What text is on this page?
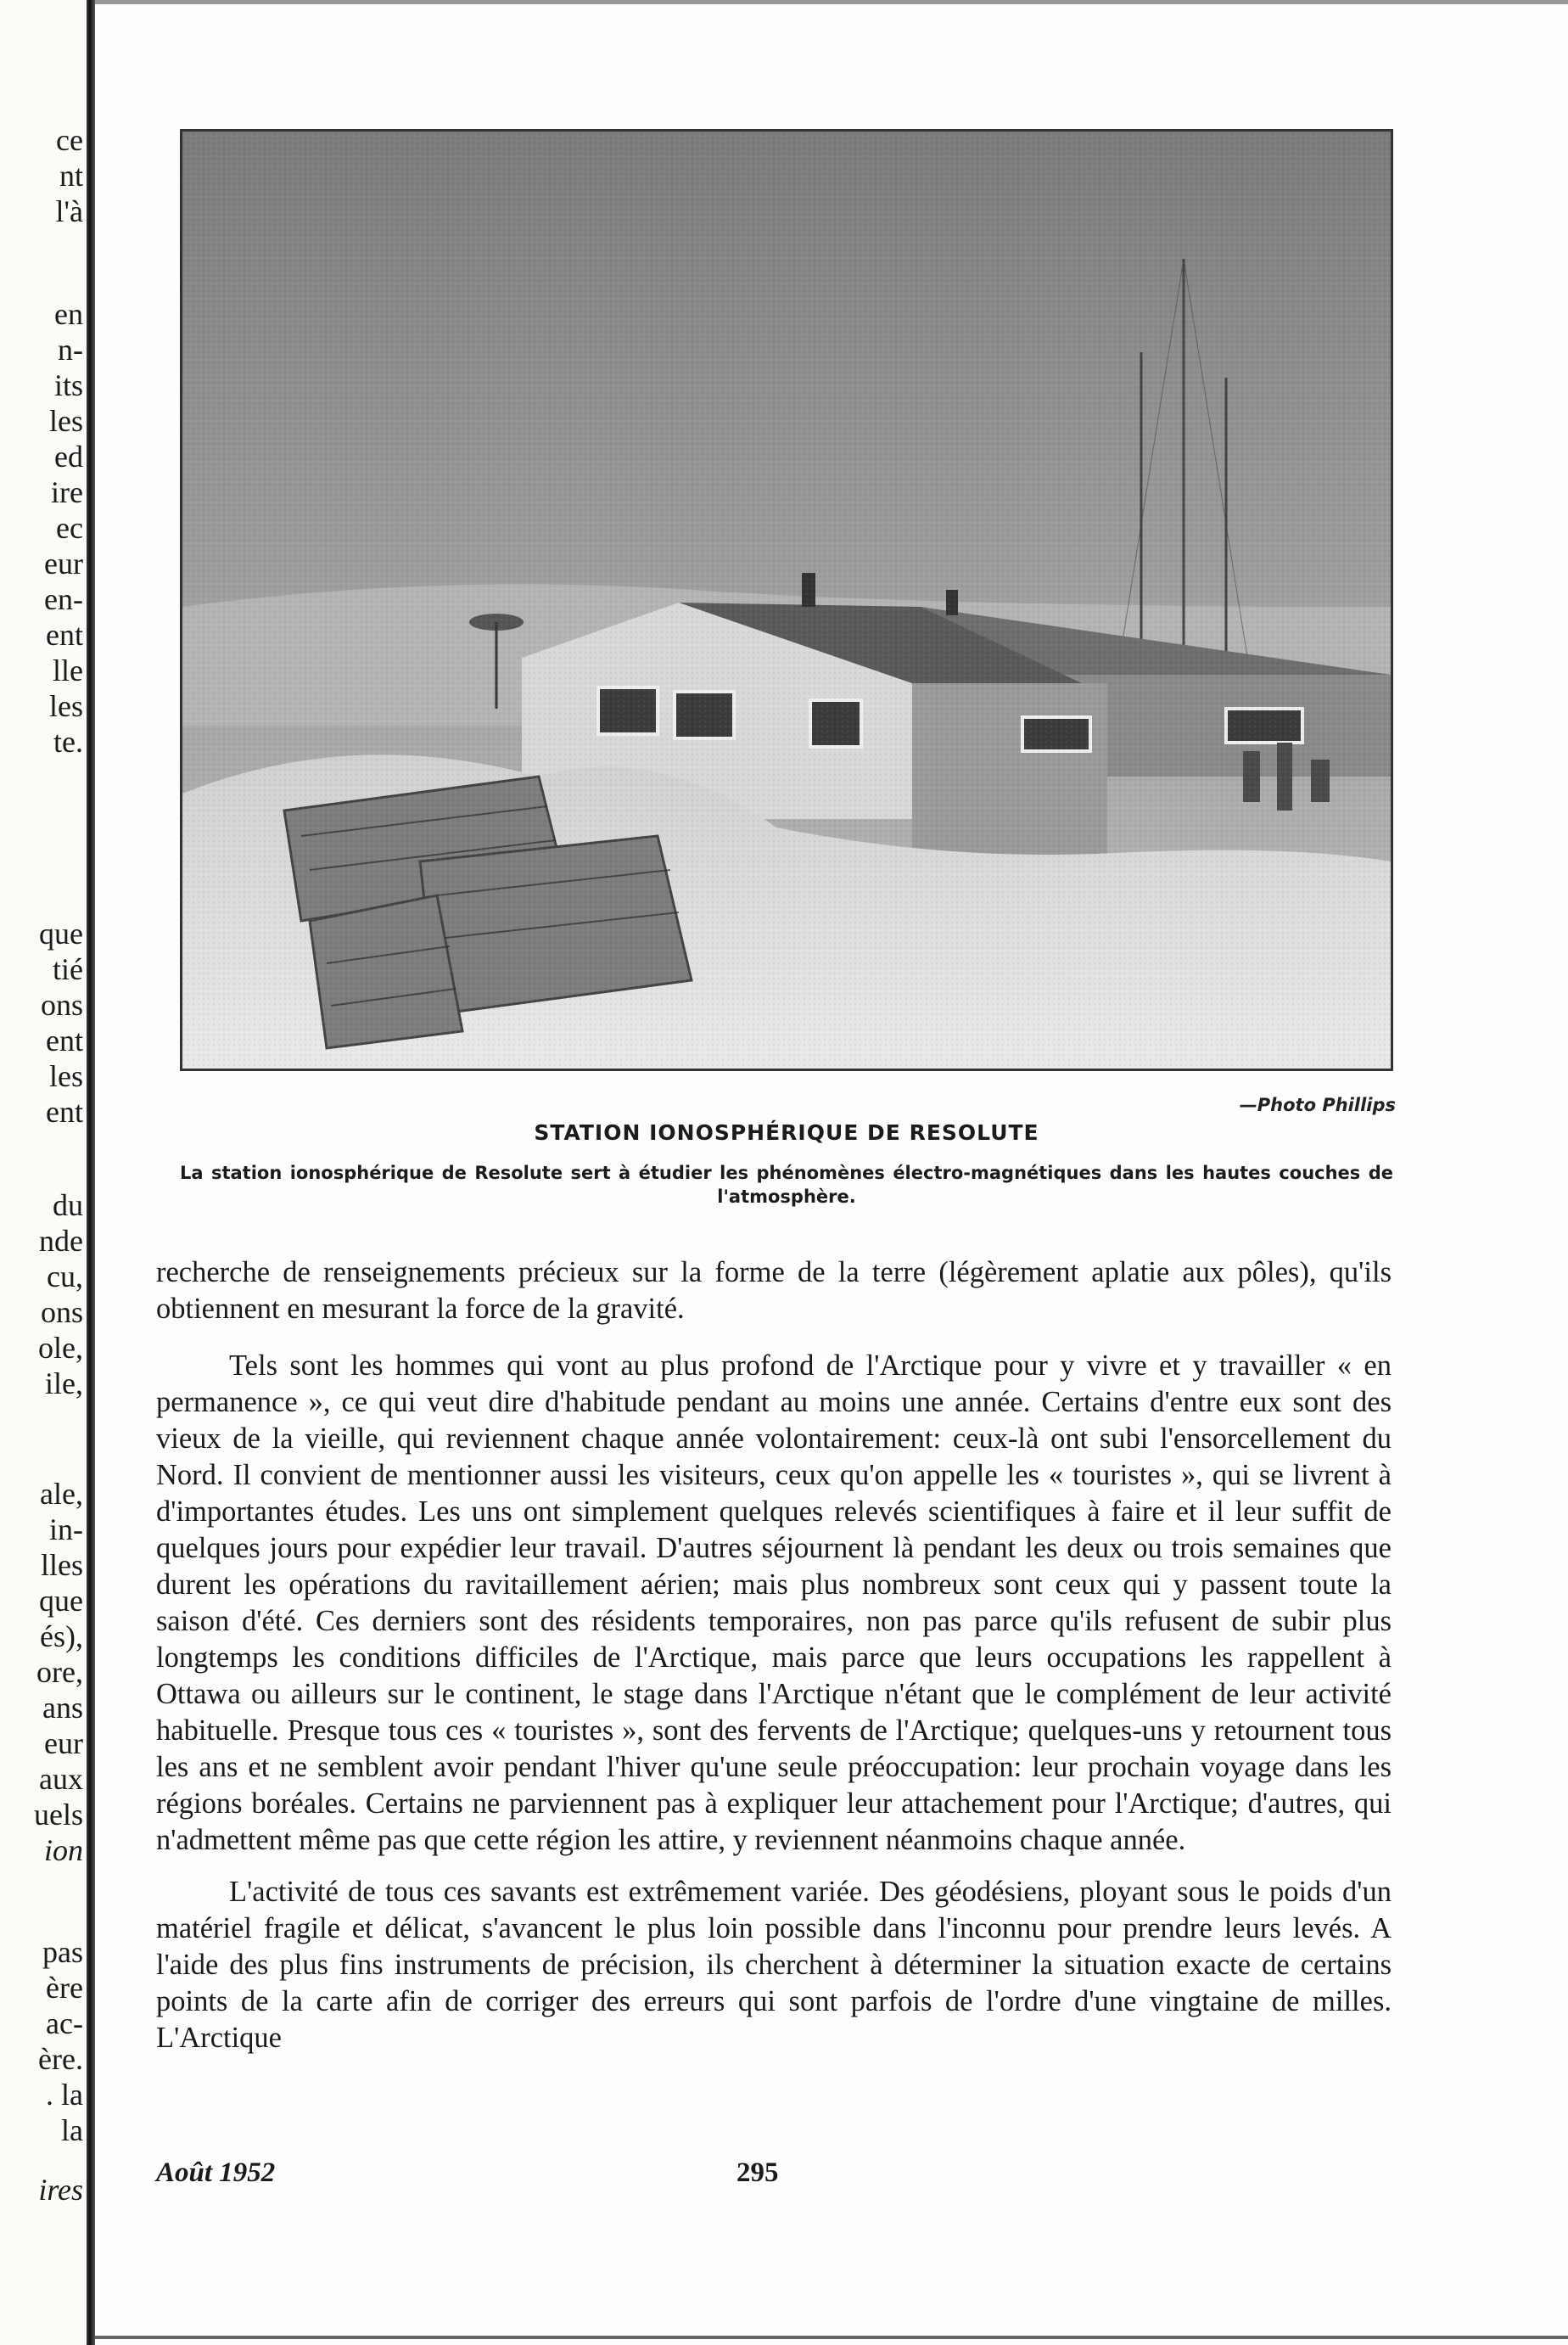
ce
nt
l'à
en
n-
its
les
ed
ire
ec
eur
en-
ent
lle
les
te.
que
tié
ons
ent
les
ent
du
nde
cu,
ons
ole,
ile,
ale,
in-
lles
que
és),
ore,
ans
eur
aux
uels
ion
pas
ère
ac-
ère.
. la
la
ires
—Photo Phillips
STATION IONOSPHÉRIQUE DE RESOLUTE
La station ionosphérique de Resolute sert à étudier les phénomènes électro-magnétiques dans les hautes couches de l'atmosphère.

recherche de renseignements précieux sur la forme de la terre (légèrement aplatie aux pôles), qu'ils obtiennent en mesurant la force de la gravité.

Tels sont les hommes qui vont au plus profond de l'Arctique pour y vivre et y travailler « en permanence », ce qui veut dire d'habitude pendant au moins une année. Certains d'entre eux sont des vieux de la vieille, qui reviennent chaque année volontairement: ceux-là ont subi l'ensorcellement du Nord. Il convient de mentionner aussi les visiteurs, ceux qu'on appelle les « touristes », qui se livrent à d'importantes études. Les uns ont simplement quelques relevés scientifiques à faire et il leur suffit de quelques jours pour expédier leur travail. D'autres séjournent là pendant les deux ou trois semaines que durent les opérations du ravitaillement aérien; mais plus nombreux sont ceux qui y passent toute la saison d'été. Ces derniers sont des résidents temporaires, non pas parce qu'ils refusent de subir plus longtemps les conditions difficiles de l'Arctique, mais parce que leurs occupations les rappellent à Ottawa ou ailleurs sur le continent, le stage dans l'Arctique n'étant que le complément de leur activité habituelle. Presque tous ces « touristes », sont des fervents de l'Arctique; quelques-uns y retournent tous les ans et ne semblent avoir pendant l'hiver qu'une seule préoccupation: leur prochain voyage dans les régions boréales. Certains ne parviennent pas à expliquer leur attachement pour l'Arctique; d'autres, qui n'admettent même pas que cette région les attire, y reviennent néanmoins chaque année.

L'activité de tous ces savants est extrêmement variée. Des géodésiens, ployant sous le poids d'un matériel fragile et délicat, s'avancent le plus loin possible dans l'inconnu pour prendre leurs levés. A l'aide des plus fins instruments de précision, ils cherchent à déterminer la situation exacte de certains points de la carte afin de corriger des erreurs qui sont parfois de l'ordre d'une vingtaine de milles. L'Arctique

Août 1952	295
